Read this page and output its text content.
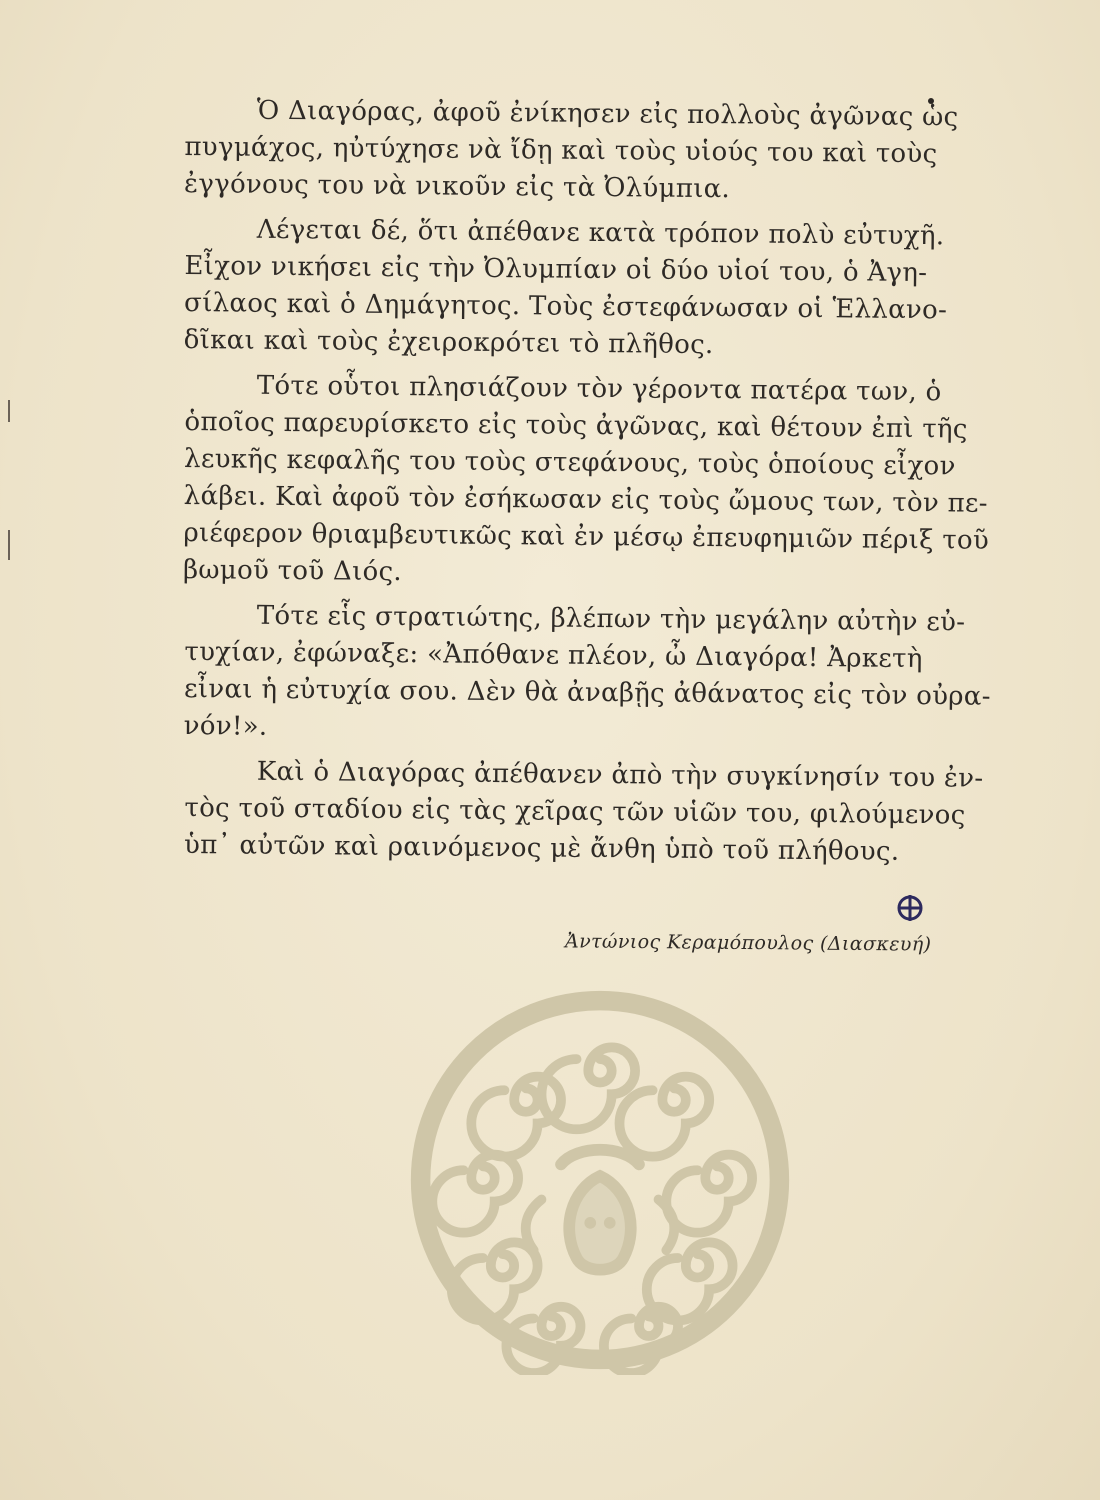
Ὁ Διαγόρας, ἀφοῦ ἐνίκησεν εἰς πολλοὺς ἀγῶνας ὡς
πυγμάχος, ηὐτύχησε νὰ ἴδῃ καὶ τοὺς υἱούς του καὶ τοὺς
ἐγγόνους του νὰ νικοῦν εἰς τὰ Ὀλύμπια.

Λέγεται δέ, ὅτι ἀπέθανε κατὰ τρόπον πολὺ εὐτυχῆ.
Εἶχον νικήσει εἰς τὴν Ὀλυμπίαν οἱ δύο υἱοί του, ὁ Ἀγη-
σίλαος καὶ ὁ Δημάγητος. Τοὺς ἐστεφάνωσαν οἱ Ἑλλανο-
δῖκαι καὶ τοὺς ἐχειροκρότει τὸ πλῆθος.

Τότε οὗτοι πλησιάζουν τὸν γέροντα πατέρα των, ὁ
ὁποῖος παρευρίσκετο εἰς τοὺς ἀγῶνας, καὶ θέτουν ἐπὶ τῆς
λευκῆς κεφαλῆς του τοὺς στεφάνους, τοὺς ὁποίους εἶχον
λάβει. Καὶ ἀφοῦ τὸν ἐσήκωσαν εἰς τοὺς ὤμους των, τὸν πε-
ριέφερον θριαμβευτικῶς καὶ ἐν μέσῳ ἐπευφημιῶν πέριξ τοῦ
βωμοῦ τοῦ Διός.

Τότε εἷς στρατιώτης, βλέπων τὴν μεγάλην αὐτὴν εὐ-
τυχίαν, ἐφώναξε: «Ἀπόθανε πλέον, ὦ Διαγόρα! Ἀρκετὴ
εἶναι ἡ εὐτυχία σου. Δὲν θὰ ἀναβῇς ἀθάνατος εἰς τὸν οὐρα-
νόν!».

Καὶ ὁ Διαγόρας ἀπέθανεν ἀπὸ τὴν συγκίνησίν του ἐν-
τὸς τοῦ σταδίου εἰς τὰς χεῖρας τῶν υἱῶν του, φιλούμενος
ὑπ᾽ αὐτῶν καὶ ραινόμενος μὲ ἄνθη ὑπὸ τοῦ πλήθους.

Ἀντώνιος Κεραμόπουλος (Διασκευή)
